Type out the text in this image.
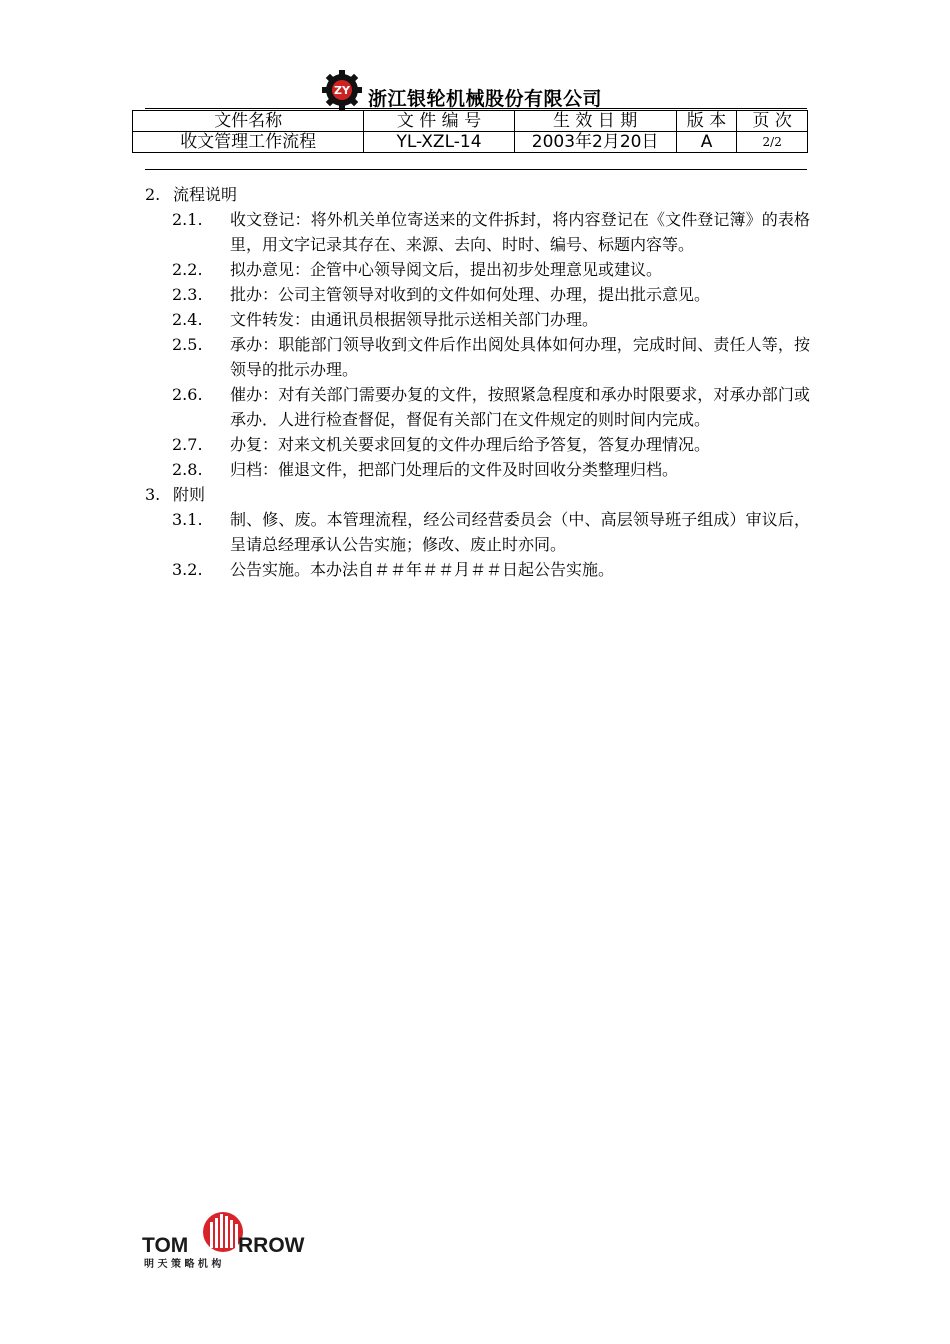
ZY 浙江银轮机械股份有限公司
文件名称	文 件 编 号	生 效 日 期	版 本	页 次
收文管理工作流程	YL-XZL-14	2003年2月20日	A	2/2
2. 流程说明
2.1.	收文登记：将外机关单位寄送来的文件拆封，将内容登记在《文件登记簿》的表格里，用文字记录其存在、来源、去向、时时、编号、标题内容等。
2.2.	拟办意见：企管中心领导阅文后，提出初步处理意见或建议。
2.3.	批办：公司主管领导对收到的文件如何处理、办理，提出批示意见。
2.4.	文件转发：由通讯员根据领导批示送相关部门办理。
2.5.	承办：职能部门领导收到文件后作出阅处具体如何办理，完成时间、责任人等，按领导的批示办理。
2.6.	催办：对有关部门需要办复的文件，按照紧急程度和承办时限要求，对承办部门或承办．人进行检查督促，督促有关部门在文件规定的则时间内完成。
2.7.	办复：对来文机关要求回复的文件办理后给予答复，答复办理情况。
2.8.	归档：催退文件，把部门处理后的文件及时回收分类整理归档。
3. 附则
3.1.	制、修、废。本管理流程，经公司经营委员会（中、高层领导班子组成）审议后，呈请总经理承认公告实施；修改、废止时亦同。
3.2.	公告实施。本办法自＃＃年＃＃月＃＃日起公告实施。
TOM RROW
明 天 策 略 机 构
